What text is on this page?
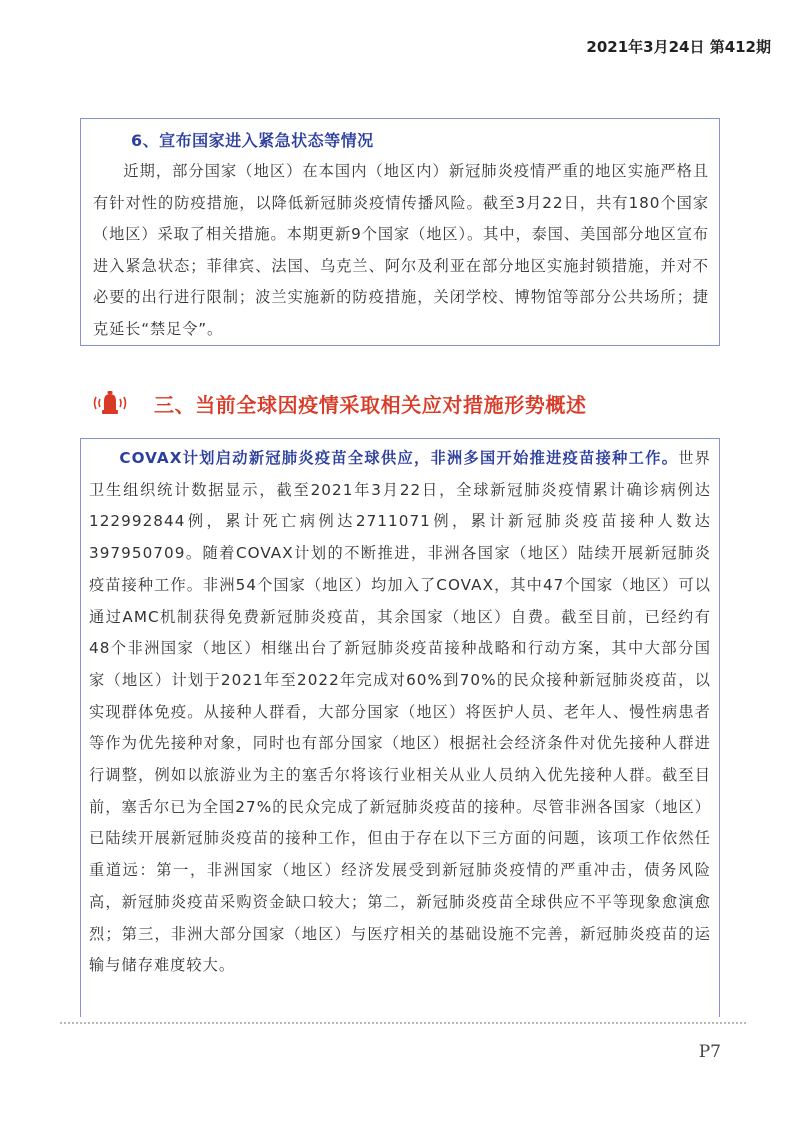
2021年3月24日 第412期
6、宣布国家进入紧急状态等情况

近期，部分国家（地区）在本国内（地区内）新冠肺炎疫情严重的地区实施严格且有针对性的防疫措施，以降低新冠肺炎疫情传播风险。截至3月22日，共有180个国家（地区）采取了相关措施。本期更新9个国家（地区）。其中，泰国、美国部分地区宣布进入紧急状态；菲律宾、法国、乌克兰、阿尔及利亚在部分地区实施封锁措施，并对不必要的出行进行限制；波兰实施新的防疫措施，关闭学校、博物馆等部分公共场所；捷克延长“禁足令”。

三、当前全球因疫情采取相关应对措施形势概述

COVAX计划启动新冠肺炎疫苗全球供应，非洲多国开始推进疫苗接种工作。世界卫生组织统计数据显示，截至2021年3月22日，全球新冠肺炎疫情累计确诊病例达122992844例，累计死亡病例达2711071例，累计新冠肺炎疫苗接种人数达397950709。随着COVAX计划的不断推进，非洲各国家（地区）陆续开展新冠肺炎疫苗接种工作。非洲54个国家（地区）均加入了COVAX，其中47个国家（地区）可以通过AMC机制获得免费新冠肺炎疫苗，其余国家（地区）自费。截至目前，已经约有48个非洲国家（地区）相继出台了新冠肺炎疫苗接种战略和行动方案，其中大部分国家（地区）计划于2021年至2022年完成对60%到70%的民众接种新冠肺炎疫苗，以实现群体免疫。从接种人群看，大部分国家（地区）将医护人员、老年人、慢性病患者等作为优先接种对象，同时也有部分国家（地区）根据社会经济条件对优先接种人群进行调整，例如以旅游业为主的塞舌尔将该行业相关从业人员纳入优先接种人群。截至目前，塞舌尔已为全国27%的民众完成了新冠肺炎疫苗的接种。尽管非洲各国家（地区）已陆续开展新冠肺炎疫苗的接种工作，但由于存在以下三方面的问题，该项工作依然任重道远：第一，非洲国家（地区）经济发展受到新冠肺炎疫情的严重冲击，债务风险高，新冠肺炎疫苗采购资金缺口较大；第二，新冠肺炎疫苗全球供应不平等现象愈演愈烈；第三，非洲大部分国家（地区）与医疗相关的基础设施不完善，新冠肺炎疫苗的运输与储存难度较大。

P7
